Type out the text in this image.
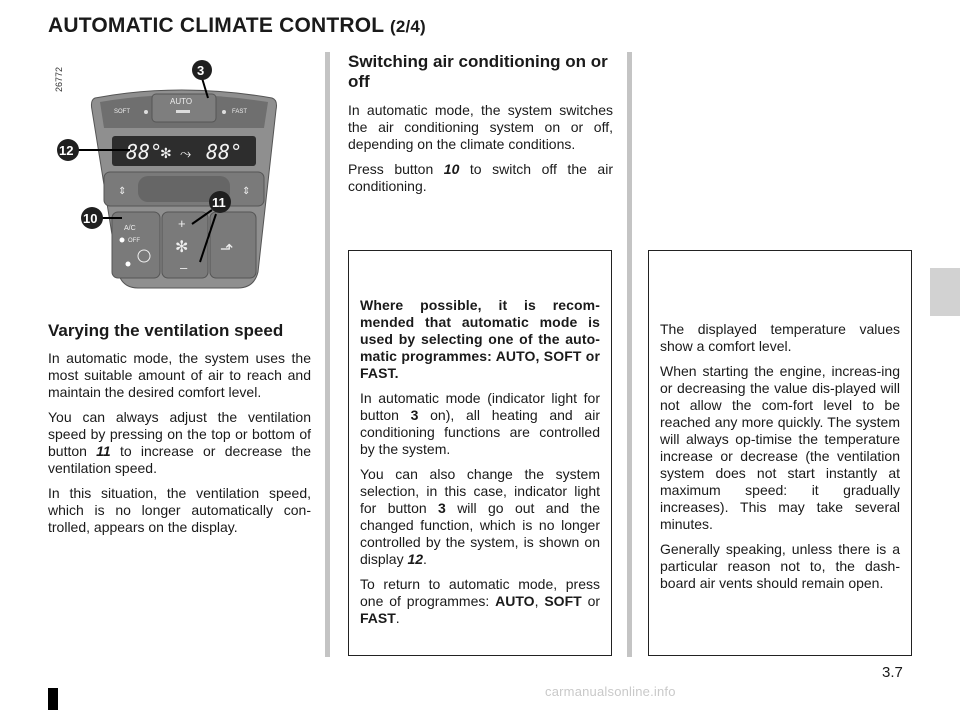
AUTOMATIC CLIMATE CONTROL (2/4)
26772
AUTO
SOFT	FAST
88°
✻ ⤳ 88°
⇕	⇕
A/C
OFF
+
✻
–
⬏
3
12
10
11
Varying the ventilation speed

In automatic mode, the system uses the most suitable amount of air to reach and maintain the desired comfort level.

You can always adjust the ventilation speed by pressing on the top or bottom of button 11 to increase or decrease the ventilation speed.

In this situation, the ventilation speed, which is no longer automatically con-trolled, appears on the display.

Switching air conditioning on or off

In automatic mode, the system switches the air conditioning system on or off, depending on the climate conditions.

Press button 10 to switch off the air conditioning.

Where possible, it is recom-mended that automatic mode is used by selecting one of the auto-matic programmes: AUTO, SOFT or FAST.

In automatic mode (indicator light for button 3 on), all heating and air conditioning functions are controlled by the system.

You can also change the system selection, in this case, indicator light for button 3 will go out and the changed function, which is no longer controlled by the system, is shown on display 12.

To return to automatic mode, press one of programmes: AUTO, SOFT or FAST.

The displayed temperature values show a comfort level.

When starting the engine, increas-ing or decreasing the value dis-played will not allow the com-fort level to be reached any more quickly. The system will always op-timise the temperature increase or decrease (the ventilation system does not start instantly at maximum speed: it gradually increases). This may take several minutes.

Generally speaking, unless there is a particular reason not to, the dash-board air vents should remain open.

3.7
carmanualsonline.info
